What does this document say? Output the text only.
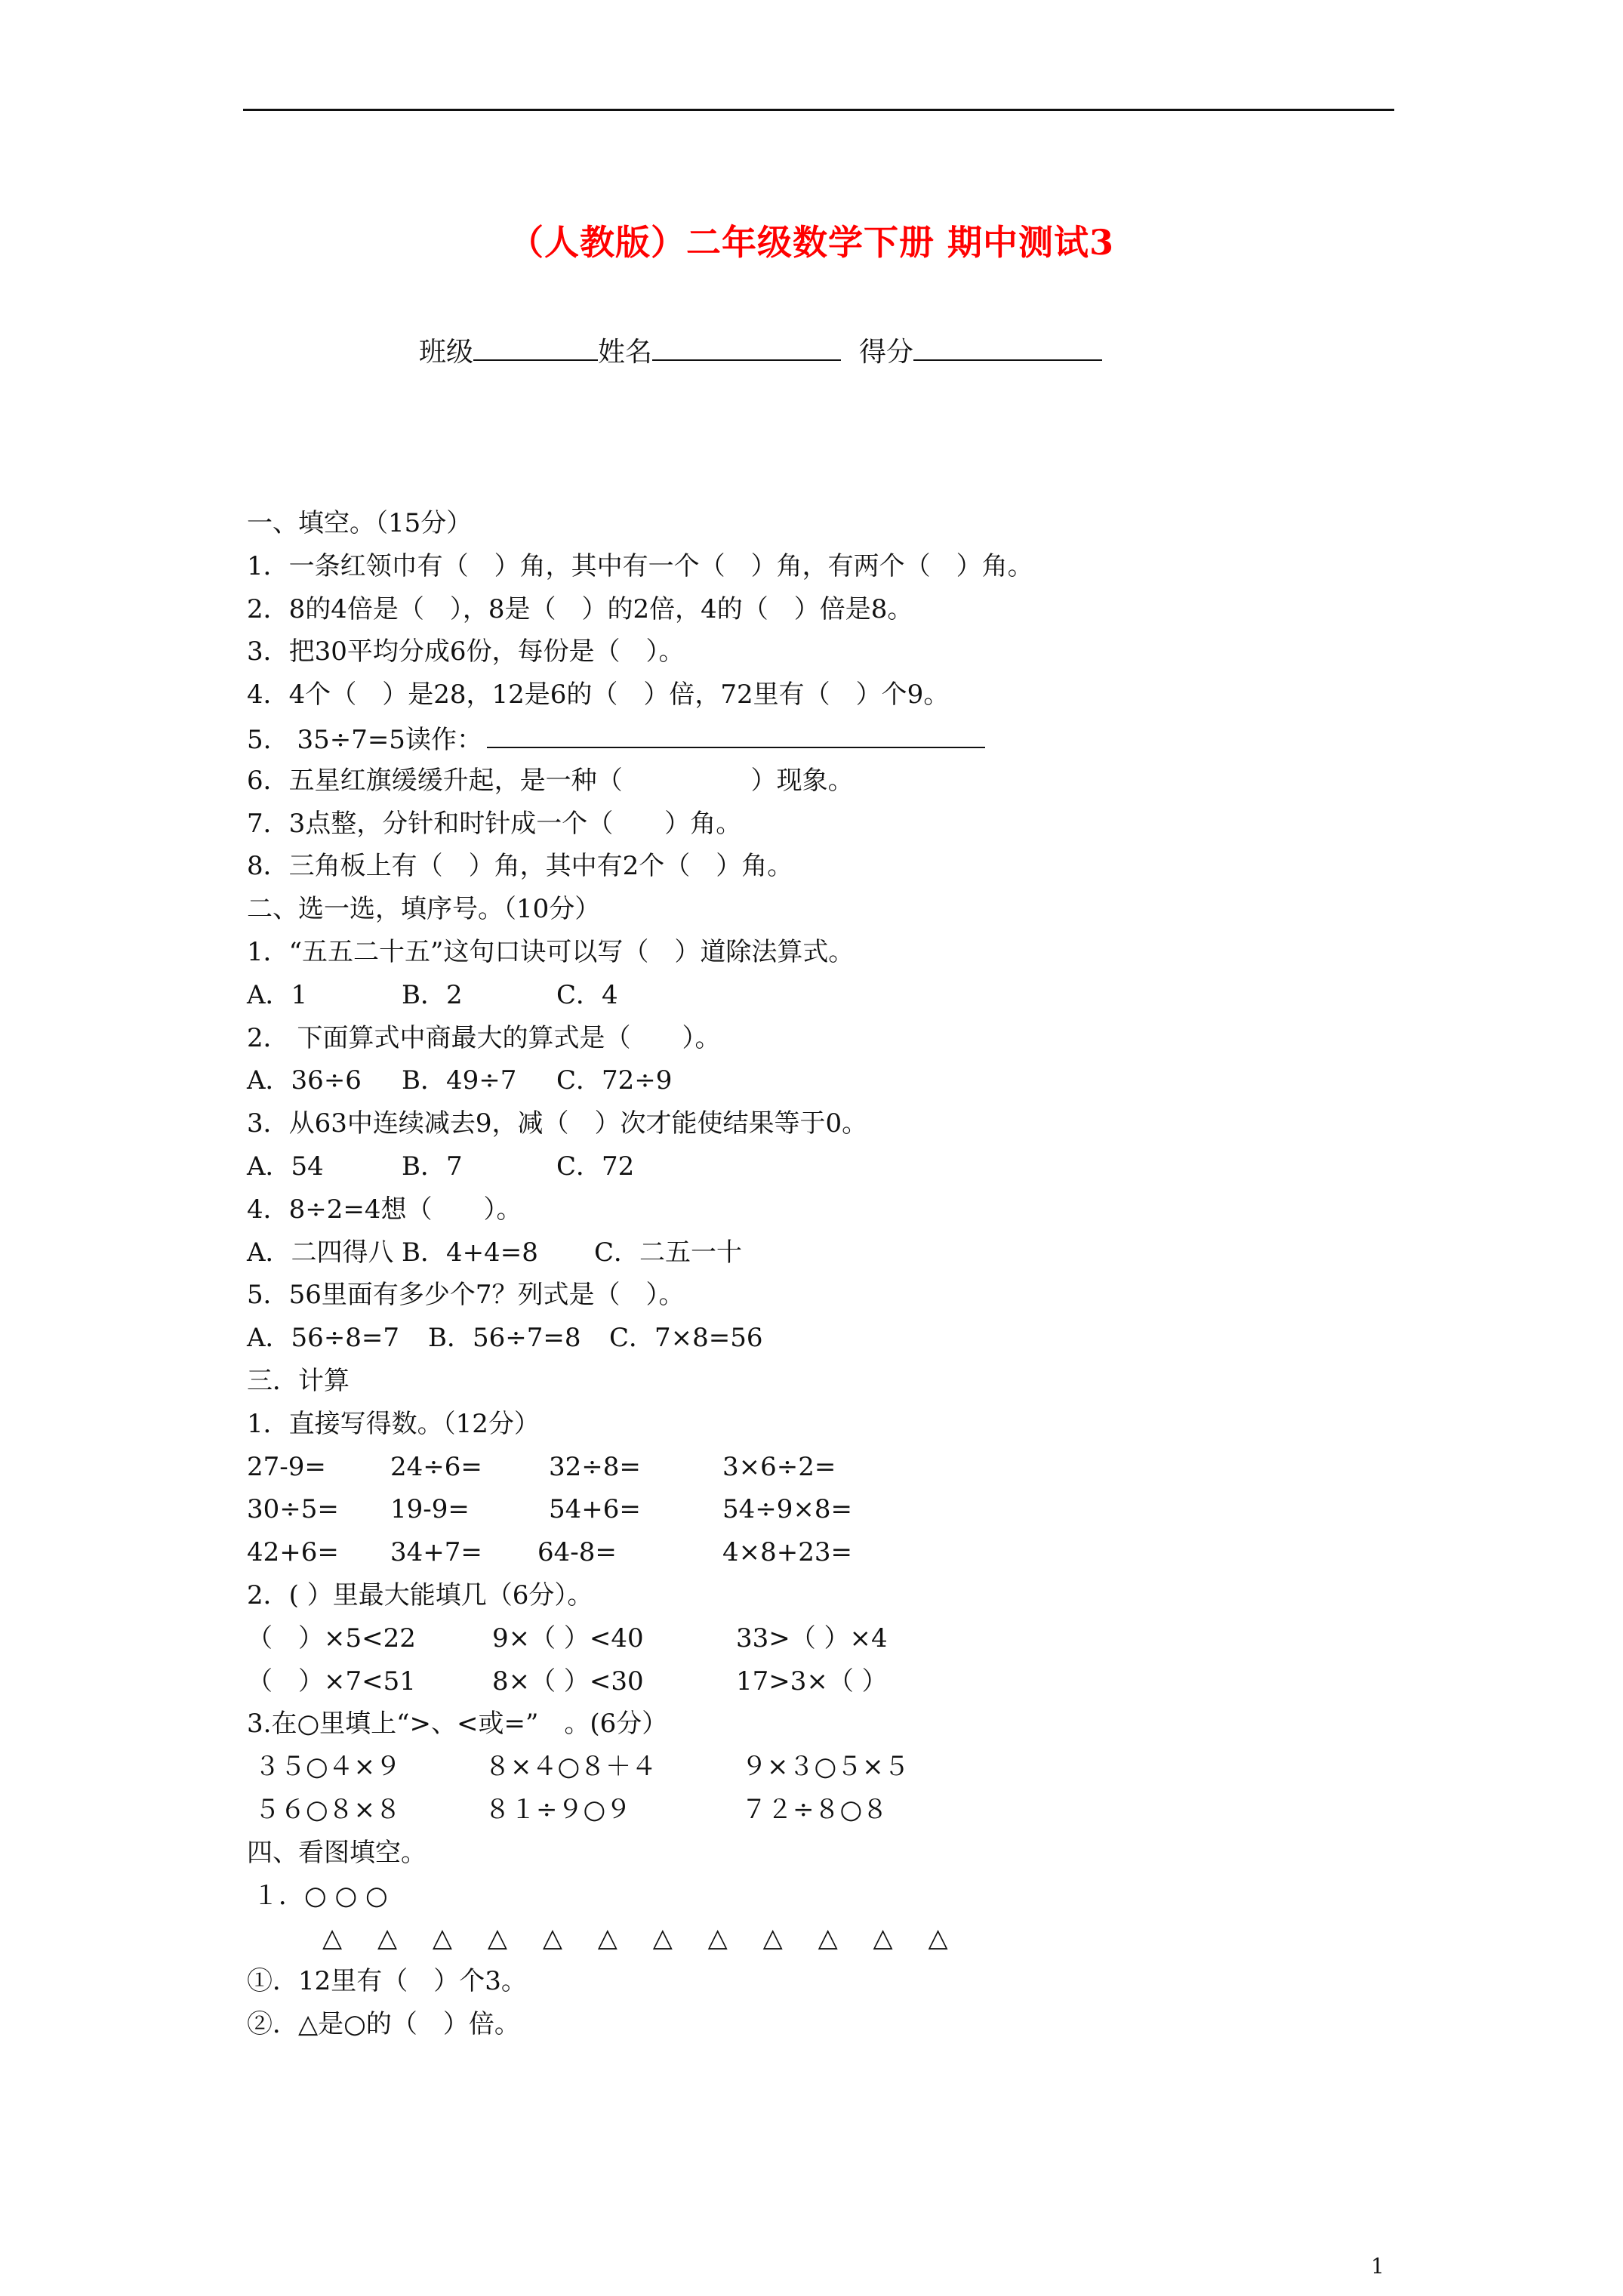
（人教版）二年级数学下册 期中测试3
班级	姓名	得分
一、填空。（15分）
1．一条红领巾有（　）角，其中有一个（　）角，有两个（　）角。
2．8的4倍是（　），8是（　）的2倍，4的（　）倍是8。
3．把30平均分成6份，每份是（　）。
4．4个（　）是28，12是6的（　）倍，72里有（　）个9。
5.　35÷7=5读作：
6．五星红旗缓缓升起，是一种（　　　　　）现象。
7．3点整，分针和时针成一个（　　）角。
8．三角板上有（　）角，其中有2个（　）角。
二、选一选，填序号。（10分）
1．“五五二十五”这句口诀可以写（　）道除法算式。
A．1	B．2	C．4
2． 下面算式中商最大的算式是（　　）。
A．36÷6 B．49÷7 C．72÷9
3．从63中连续减去9，减（　）次才能使结果等于0。
A．54	B．7	C．72
4．8÷2=4想（　　）。
A．二四得八 B．4+4=8 C．二五一十
5．56里面有多少个7？列式是（　）。
A．56÷8=7 B．56÷7=8 C．7×8=56
三．计算
1．直接写得数。（12分）
27-9=	24÷6=	32÷8=	3×6÷2=
30÷5= 19-9=	54+6=	54÷9×8=
42+6= 34+7= 64-8=	4×8+23=
2．( ）里最大能填几（6分）。
（　）×5<22	9×（ ）<40	33>（ ）×4
（　）×7<51	8×（ ）<30	17>3×（ ）
3.在○里填上“>、<或=”　。(6分）
３５○４×９	８×４○８＋４	９×３○５×５
５６○８×８	８１÷９○９	７２÷８○８
四、看图填空。
１．○ ○ ○
△ △ △ △ △ △ △ △ △ △ △ △
①．12里有（　）个3。
②．△是○的（　）倍。
1
